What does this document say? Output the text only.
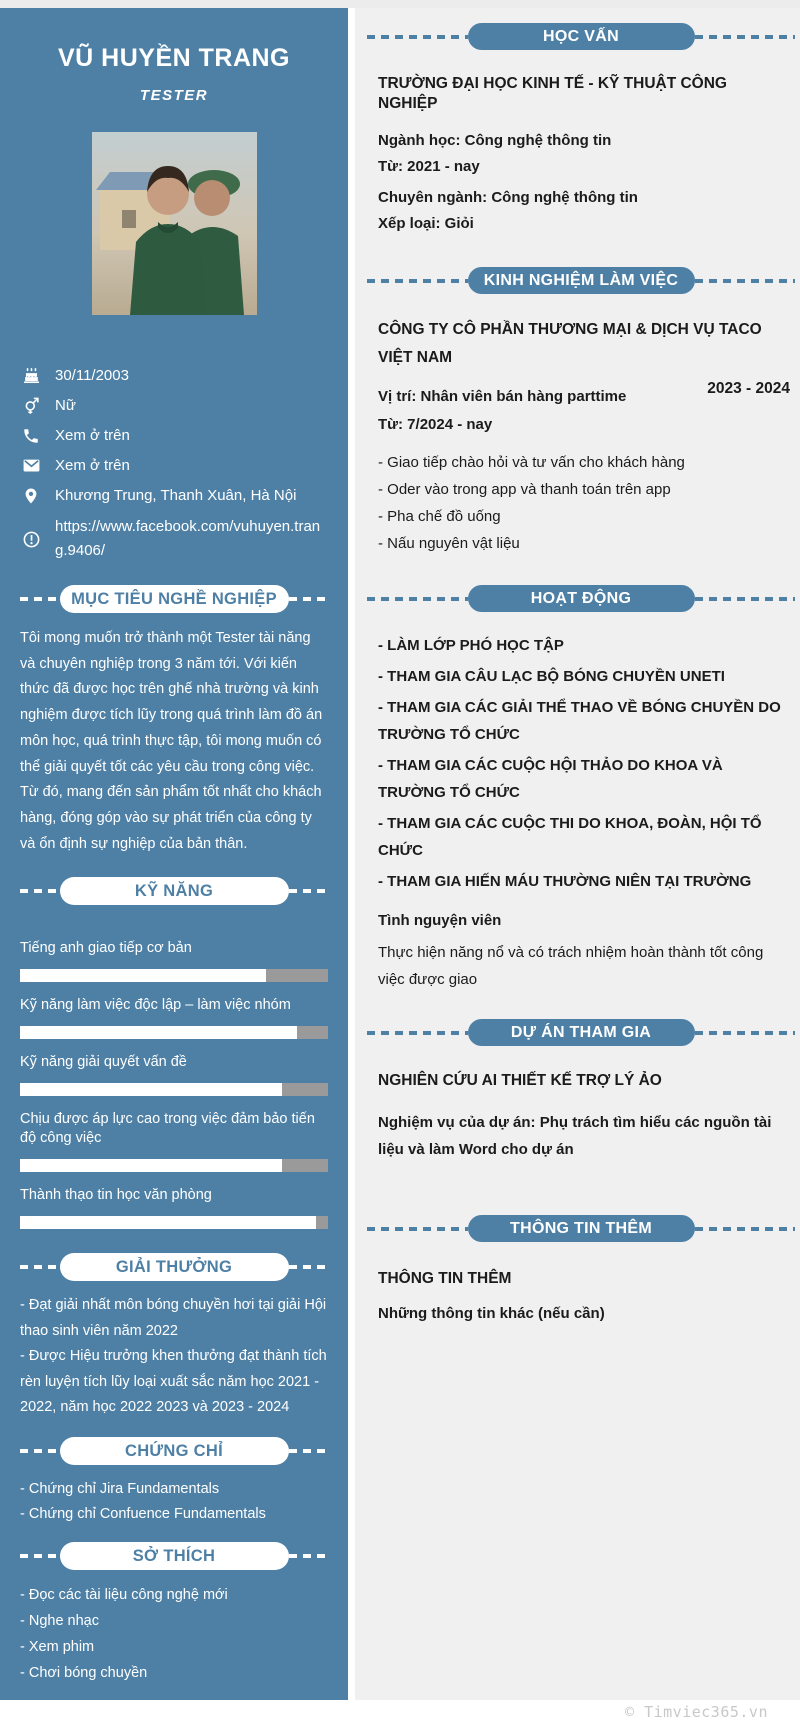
VŨ HUYỀN TRANG
TESTER
30/11/2003
Nữ
Xem ở trên
Xem ở trên
Khương Trung, Thanh Xuân, Hà Nội
https://www.facebook.com/vuhuyen.trang.9406/
MỤC TIÊU NGHỀ NGHIỆP

Tôi mong muốn trở thành một Tester tài năng và chuyên nghiệp trong 3 năm tới. Với kiến thức đã được học trên ghế nhà trường và kinh nghiệm được tích lũy trong quá trình làm đồ án môn học, quá trình thực tập, tôi mong muốn có thể giải quyết tốt các yêu cầu trong công việc. Từ đó, mang đến sản phẩm tốt nhất cho khách hàng, đóng góp vào sự phát triển của công ty và ổn định sự nghiệp của bản thân.

KỸ NĂNG
Tiếng anh giao tiếp cơ bản
Kỹ năng làm việc độc lập – làm việc nhóm
Kỹ năng giải quyết vấn đề
Chịu được áp lực cao trong việc đảm bảo tiến độ công việc
Thành thạo tin học văn phòng
GIẢI THƯỞNG
- Đạt giải nhất môn bóng chuyền hơi tại giải Hội thao sinh viên năm 2022
- Được Hiệu trưởng khen thưởng đạt thành tích rèn luyện tích lũy loại xuất sắc năm học 2021 - 2022, năm học 2022 2023 và 2023 - 2024
CHỨNG CHỈ
- Chứng chỉ Jira Fundamentals
- Chứng chỉ Confuence Fundamentals
SỞ THÍCH
- Đọc các tài liệu công nghệ mới
- Nghe nhạc
- Xem phim
- Chơi bóng chuyền
HỌC VẤN
TRƯỜNG ĐẠI HỌC KINH TẾ - KỸ THUẬT CÔNG NGHIỆP
Ngành học: Công nghệ thông tin
Từ: 2021 - nay
Chuyên ngành: Công nghệ thông tin
Xếp loại: Giỏi
KINH NGHIỆM LÀM VIỆC
CÔNG TY CÔ PHẦN THƯƠNG MẠI & DỊCH VỤ TACO VIỆT NAM
Vị trí: Nhân viên bán hàng parttime
Từ: 7/2024 - nay
2023 - 2024
- Giao tiếp chào hỏi và tư vấn cho khách hàng
- Oder vào trong app và thanh toán trên app
- Pha chế đồ uống
- Nấu nguyên vật liệu
HOẠT ĐỘNG
- LÀM LỚP PHÓ HỌC TẬP
- THAM GIA CÂU LẠC BỘ BÓNG CHUYỀN UNETI
- THAM GIA CÁC GIẢI THỂ THAO VỀ BÓNG CHUYỀN DO TRƯỜNG TỔ CHỨC
- THAM GIA CÁC CUỘC HỘI THẢO DO KHOA VÀ TRƯỜNG TỔ CHỨC
- THAM GIA CÁC CUỘC THI DO KHOA, ĐOÀN, HỘI TỔ CHỨC
- THAM GIA HIẾN MÁU THƯỜNG NIÊN TẠI TRƯỜNG
Tình nguyện viên
Thực hiện năng nổ và có trách nhiệm hoàn thành tốt công việc được giao
DỰ ÁN THAM GIA
NGHIÊN CỨU AI THIẾT KẾ TRỢ LÝ ẢO
Nghiệm vụ của dự án: Phụ trách tìm hiểu các nguồn tài liệu và làm Word cho dự án
THÔNG TIN THÊM
THÔNG TIN THÊM
Những thông tin khác (nếu cần)
© Timviec365.vn
